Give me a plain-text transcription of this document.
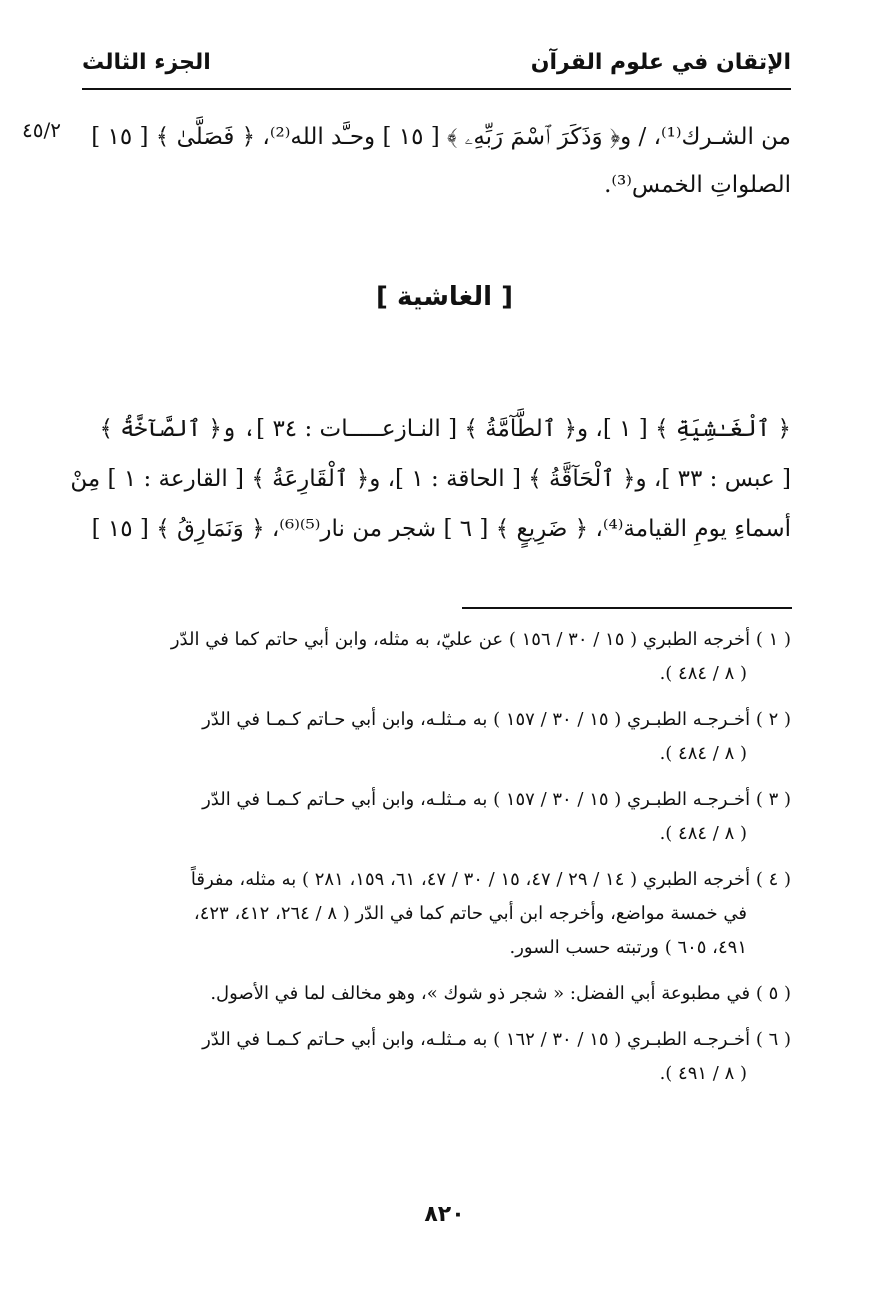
الإتقان في علوم القرآن
الجزء الثالث
٤٥/٢	من الشـرك⁽¹⁾، / و﴿ وَذَكَرَ ٱسْمَ رَبِّهِۦ ﴾ [ ١٥ ] وحـَّد الله⁽²⁾، ﴿ فَصَلَّىٰ ﴾ [ ١٥ ]
الصلواتِ الخمس⁽³⁾.
[ الغاشية ]
﴿ ٱلْغَـٰشِيَةِ ﴾ [ ١ ]، و﴿ ٱلطَّآمَّةُ ﴾ [ النـازعـــــات : ٣٤ ]، و﴿ ٱلصَّآخَّةُ ﴾
[ عبس : ٣٣ ]، و﴿ ٱلْحَآقَّةُ ﴾ [ الحاقة : ١ ]، و﴿ ٱلْقَارِعَةُ ﴾ [ القارعة : ١ ] مِنْ
أسماءِ يومِ القيامة⁽⁴⁾، ﴿ ضَرِيعٍ ﴾ [ ٦ ] شجر من نار⁽⁵⁾⁽⁶⁾، ﴿ وَنَمَارِقُ ﴾ [ ١٥ ]
( ١ ) أخرجه الطبري ( ١٥ / ٣٠ / ١٥٦ ) عن عليّ، به مثله، وابن أبي حاتم كما في الدّر
( ٨ / ٤٨٤ ).
( ٢ ) أخـرجـه الطبـري ( ١٥ / ٣٠ / ١٥٧ ) به مـثلـه، وابن أبي حـاتم كـمـا في الدّر
( ٨ / ٤٨٤ ).
( ٣ ) أخـرجـه الطبـري ( ١٥ / ٣٠ / ١٥٧ ) به مـثلـه، وابن أبي حـاتم كـمـا في الدّر
( ٨ / ٤٨٤ ).
( ٤ ) أخرجه الطبري ( ١٤ / ٢٩ / ٤٧، ١٥ / ٣٠ / ٤٧، ٦١، ١٥٩، ٢٨١ ) به مثله، مفرقاً
في خمسة مواضع، وأخرجه ابن أبي حاتم كما في الدّر ( ٨ / ٢٦٤، ٤١٢، ٤٢٣،
٤٩١، ٦٠٥ ) ورتبته حسب السور.
( ٥ ) في مطبوعة أبي الفضل: « شجر ذو شوك »، وهو مخالف لما في الأصول.
( ٦ ) أخـرجـه الطبـري ( ١٥ / ٣٠ / ١٦٢ ) به مـثلـه، وابن أبي حـاتم كـمـا في الدّر
( ٨ / ٤٩١ ).
٨٢٠
